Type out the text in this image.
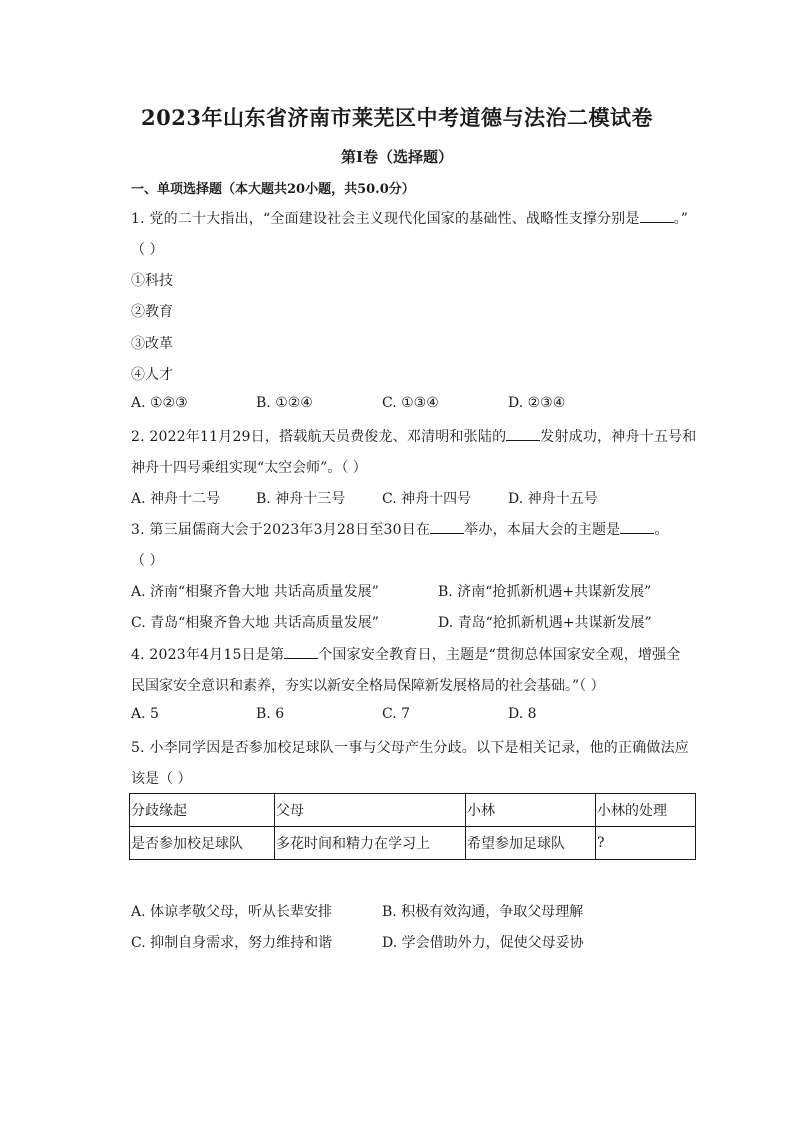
2023年山东省济南市莱芜区中考道德与法治二模试卷
第I卷（选择题）
一、单项选择题（本大题共20小题，共50.0分）
1. 党的二十大指出，“全面建设社会主义现代化国家的基础性、战略性支撑分别是 。”
（ ）
①科技
②教育
③改革
④人才
A. ①②③	B. ①②④	C. ①③④	D. ②③④
2. 2022年11月29日，搭载航天员费俊龙、邓清明和张陆的 发射成功，神舟十五号和
神舟十四号乘组实现“太空会师”。（ ）
A. 神舟十二号	B. 神舟十三号	C. 神舟十四号	D. 神舟十五号
3. 第三届儒商大会于2023年3月28日至30日在 举办，本届大会的主题是 。
（ ）
A. 济南“相聚齐鲁大地 共话高质量发展”	B. 济南“抢抓新机遇+共谋新发展”
C. 青岛“相聚齐鲁大地 共话高质量发展”	D. 青岛“抢抓新机遇+共谋新发展”
4. 2023年4月15日是第 个国家安全教育日，主题是“贯彻总体国家安全观，增强全
民国家安全意识和素养，夯实以新安全格局保障新发展格局的社会基础。”（ ）
A. 5	B. 6	C. 7	D. 8
5. 小李同学因是否参加校足球队一事与父母产生分歧。以下是相关记录，他的正确做法应
该是（ ）
分歧缘起	父母	小林	小林的处理
是否参加校足球队	多花时间和精力在学习上	希望参加足球队	?
A. 体谅孝敬父母，听从长辈安排	B. 积极有效沟通，争取父母理解
C. 抑制自身需求，努力维持和谐	D. 学会借助外力，促使父母妥协
